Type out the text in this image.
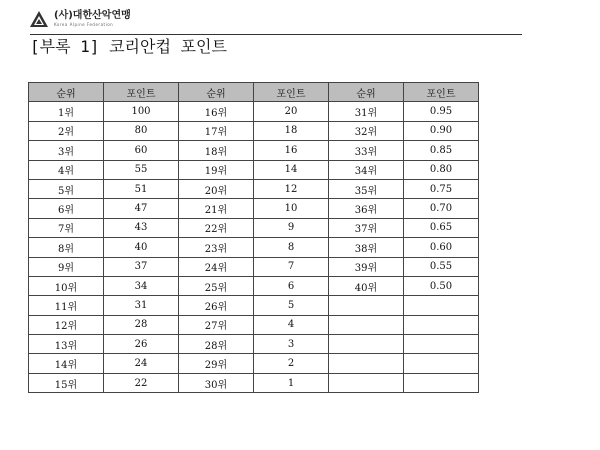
(사)대한산악연맹
Korea Alpine Federation
[부록 1] 코리안컵 포인트
순위	포인트	순위	포인트	순위	포인트
1위	100	16위	20	31위	0.95
2위	80	17위	18	32위	0.90
3위	60	18위	16	33위	0.85
4위	55	19위	14	34위	0.80
5위	51	20위	12	35위	0.75
6위	47	21위	10	36위	0.70
7위	43	22위	9	37위	0.65
8위	40	23위	8	38위	0.60
9위	37	24위	7	39위	0.55
10위	34	25위	6	40위	0.50
11위	31	26위	5		
12위	28	27위	4		
13위	26	28위	3		
14위	24	29위	2		
15위	22	30위	1		
